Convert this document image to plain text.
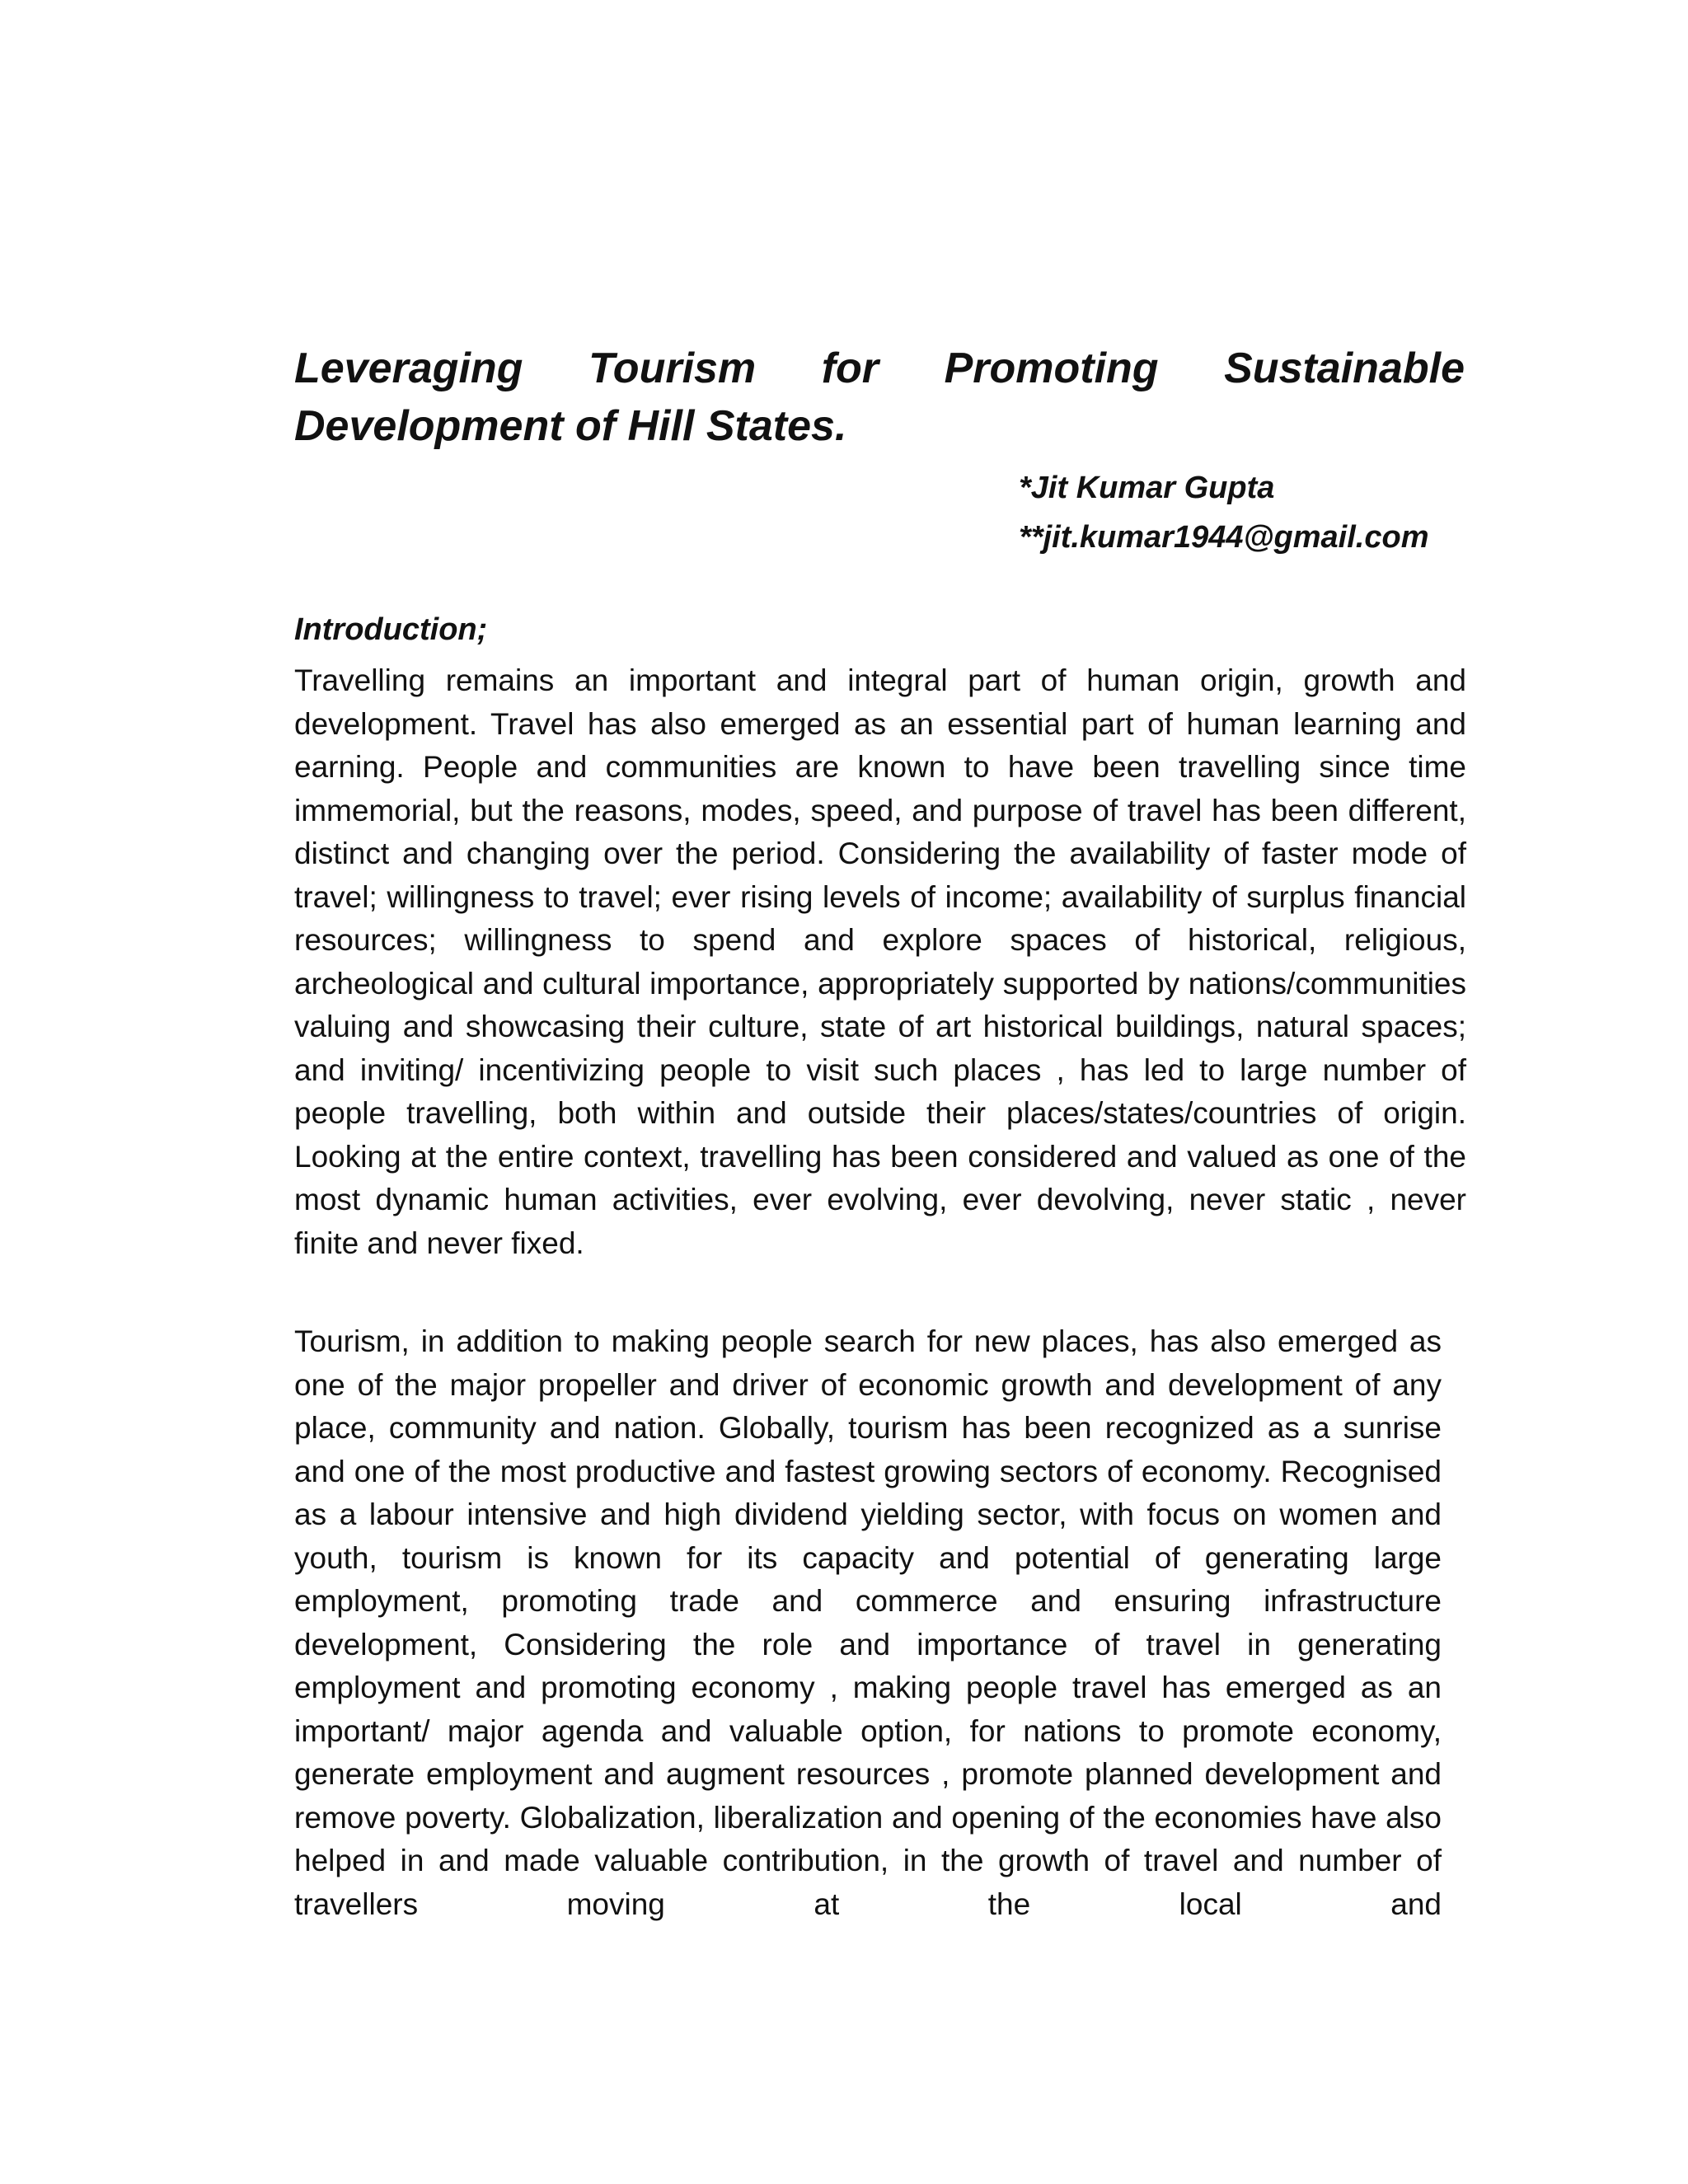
Leveraging Tourism for Promoting Sustainable Development of Hill States.
*Jit Kumar Gupta
**jit.kumar1944@gmail.com
Introduction;

Travelling remains an important and integral part of human origin, growth and development. Travel has also emerged as an essential part of human learning and earning. People and communities are known to have been travelling since time immemorial, but the reasons, modes, speed, and purpose of travel has been different, distinct and changing over the period. Considering the availability of faster mode of travel; willingness to travel; ever rising levels of income; availability of surplus financial resources; willingness to spend and explore spaces of historical, religious, archeological and cultural importance, appropriately supported by nations/communities valuing and showcasing their culture, state of art historical buildings, natural spaces; and inviting/ incentivizing people to visit such places , has led to large number of people travelling, both within and outside their places/states/countries of origin. Looking at the entire context, travelling has been considered and valued as one of the most dynamic human activities, ever evolving, ever devolving, never static , never finite and never fixed.

Tourism, in addition to making people search for new places, has also emerged as one of the major propeller and driver of economic growth and development of any place, community and nation. Globally, tourism has been recognized as a sunrise and one of the most productive and fastest growing sectors of economy. Recognised as a labour intensive and high dividend yielding sector, with focus on women and youth, tourism is known for its capacity and potential of generating large employment, promoting trade and commerce and ensuring infrastructure development, Considering the role and importance of travel in generating employment and promoting economy , making people travel has emerged as an important/ major agenda and valuable option, for nations to promote economy, generate employment and augment resources , promote planned development and remove poverty. Globalization, liberalization and opening of the economies have also helped in and made valuable contribution, in the growth of travel and number of travellers moving at the local and
